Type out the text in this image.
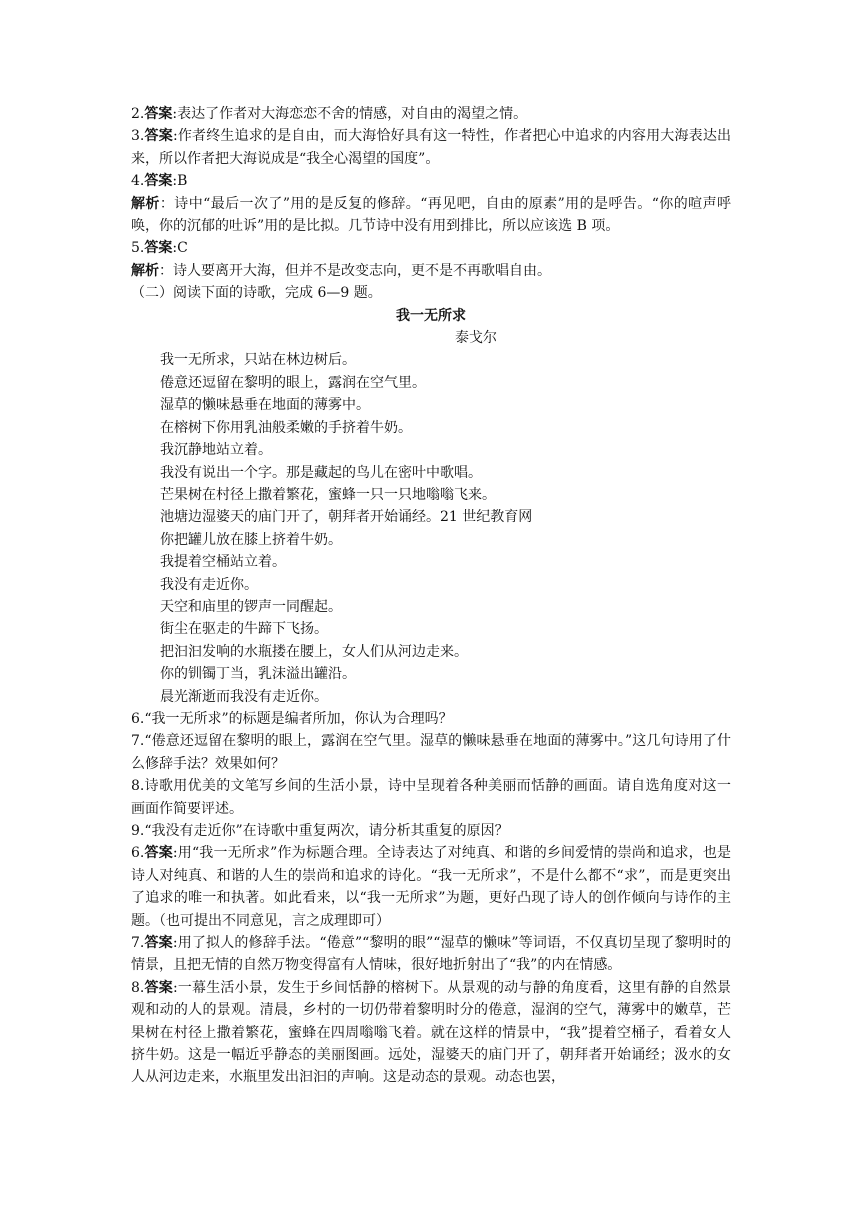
2.答案:表达了作者对大海恋恋不舍的情感，对自由的渴望之情。
3.答案:作者终生追求的是自由，而大海恰好具有这一特性，作者把心中追求的内容用大海表达出来，所以作者把大海说成是“我全心渴望的国度”。
4.答案:B
解析：诗中“最后一次了”用的是反复的修辞。“再见吧，自由的原素”用的是呼告。“你的喧声呼唤，你的沉郁的吐诉”用的是比拟。几节诗中没有用到排比，所以应该选 B 项。
5.答案:C
解析：诗人要离开大海，但并不是改变志向，更不是不再歌唱自由。
（二）阅读下面的诗歌，完成 6—9 题。
我一无所求
泰戈尔
我一无所求，只站在林边树后。
倦意还逗留在黎明的眼上，露润在空气里。
湿草的懒味悬垂在地面的薄雾中。
在榕树下你用乳油般柔嫩的手挤着牛奶。
我沉静地站立着。
我没有说出一个字。那是藏起的鸟儿在密叶中歌唱。
芒果树在村径上撒着繁花，蜜蜂一只一只地嗡嗡飞来。
池塘边湿婆天的庙门开了，朝拜者开始诵经。21 世纪教育网
你把罐儿放在膝上挤着牛奶。
我提着空桶站立着。
我没有走近你。
天空和庙里的锣声一同醒起。
街尘在驱走的牛蹄下飞扬。
把汩汩发响的水瓶搂在腰上，女人们从河边走来。
你的钏镯丁当，乳沫溢出罐沿。
晨光渐逝而我没有走近你。
6.“我一无所求”的标题是编者所加，你认为合理吗？
7.“倦意还逗留在黎明的眼上，露润在空气里。湿草的懒味悬垂在地面的薄雾中。”这几句诗用了什么修辞手法？效果如何？
8.诗歌用优美的文笔写乡间的生活小景，诗中呈现着各种美丽而恬静的画面。请自选角度对这一画面作简要评述。
9.“我没有走近你”在诗歌中重复两次，请分析其重复的原因？
6.答案:用“我一无所求”作为标题合理。全诗表达了对纯真、和谐的乡间爱情的崇尚和追求，也是诗人对纯真、和谐的人生的崇尚和追求的诗化。“我一无所求”，不是什么都不“求”，而是更突出了追求的唯一和执著。如此看来，以“我一无所求”为题，更好凸现了诗人的创作倾向与诗作的主题。（也可提出不同意见，言之成理即可）
7.答案:用了拟人的修辞手法。“倦意”“黎明的眼”“湿草的懒味”等词语，不仅真切呈现了黎明时的情景，且把无情的自然万物变得富有人情味，很好地折射出了“我”的内在情感。
8.答案:一幕生活小景，发生于乡间恬静的榕树下。从景观的动与静的角度看，这里有静的自然景观和动的人的景观。清晨，乡村的一切仍带着黎明时分的倦意，湿润的空气，薄雾中的嫩草，芒果树在村径上撒着繁花，蜜蜂在四周嗡嗡飞着。就在这样的情景中，“我”提着空桶子，看着女人挤牛奶。这是一幅近乎静态的美丽图画。远处，湿婆天的庙门开了，朝拜者开始诵经；汲水的女人从河边走来，水瓶里发出汩汩的声响。这是动态的景观。动态也罢，
